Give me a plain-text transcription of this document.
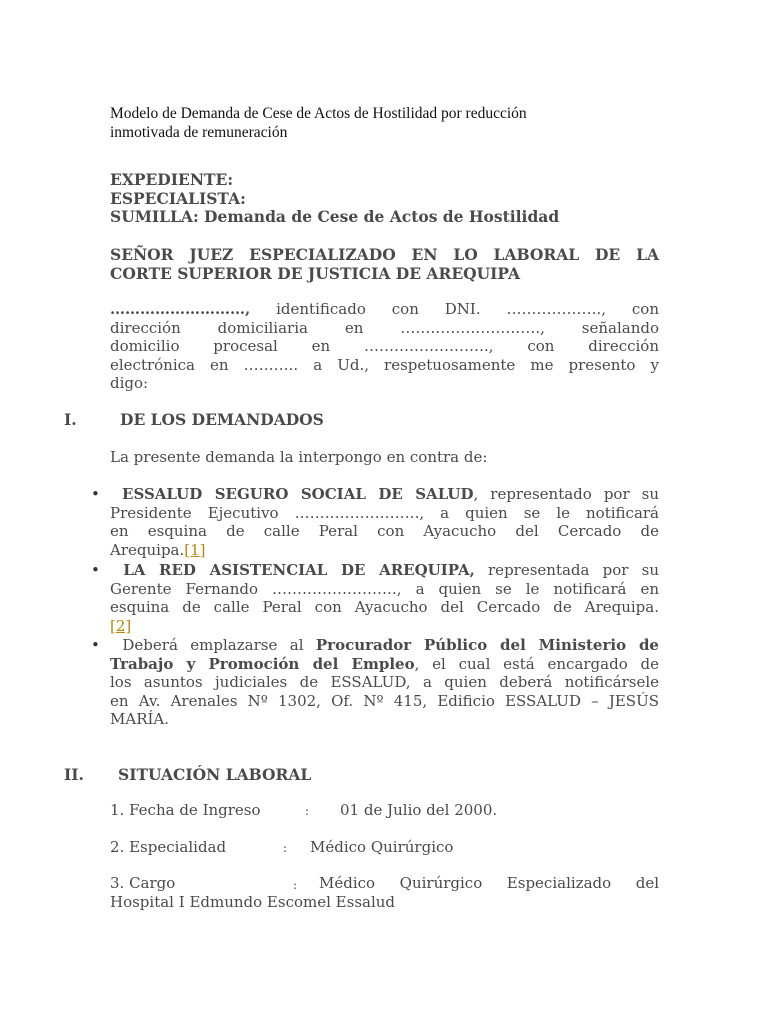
Modelo de Demanda de Cese de Actos de Hostilidad por reducción
inmotivada de remuneración
EXPEDIENTE:
ESPECIALISTA:
SUMILLA: Demanda de Cese de Actos de Hostilidad
SEÑOR JUEZ ESPECIALIZADO EN LO LABORAL DE LA
CORTE SUPERIOR DE JUSTICIA DE AREQUIPA
………………………, identificado con DNI. ………………., con
dirección domiciliaria en ………………………., señalando
domicilio procesal en ……………………., con dirección
electrónica en ……….. a Ud., respetuosamente me presento y
digo:
I.	DE LOS DEMANDADOS
La presente demanda la interpongo en contra de:
•	ESSALUD SEGURO SOCIAL DE SALUD, representado por su
Presidente Ejecutivo ……………………., a quien se le notificará
en esquina de calle Peral con Ayacucho del Cercado de
Arequipa.[1]
•	LA RED ASISTENCIAL DE AREQUIPA, representada por su
Gerente Fernando ……………………., a quien se le notificará en
esquina de calle Peral con Ayacucho del Cercado de Arequipa.
[2]
•	Deberá emplazarse al Procurador Público del Ministerio de
Trabajo y Promoción del Empleo, el cual está encargado de
los asuntos judiciales de ESSALUD, a quien deberá notificársele
en Av. Arenales Nº 1302, Of. Nº 415, Edificio ESSALUD – JESÚS
MARÍA.
II. SITUACIÓN LABORAL
1. Fecha de Ingreso	: 01 de Julio del 2000.
2. Especialidad	: Médico Quirúrgico
3. Cargo	: Médico Quirúrgico Especializado del
Hospital I Edmundo Escomel Essalud
